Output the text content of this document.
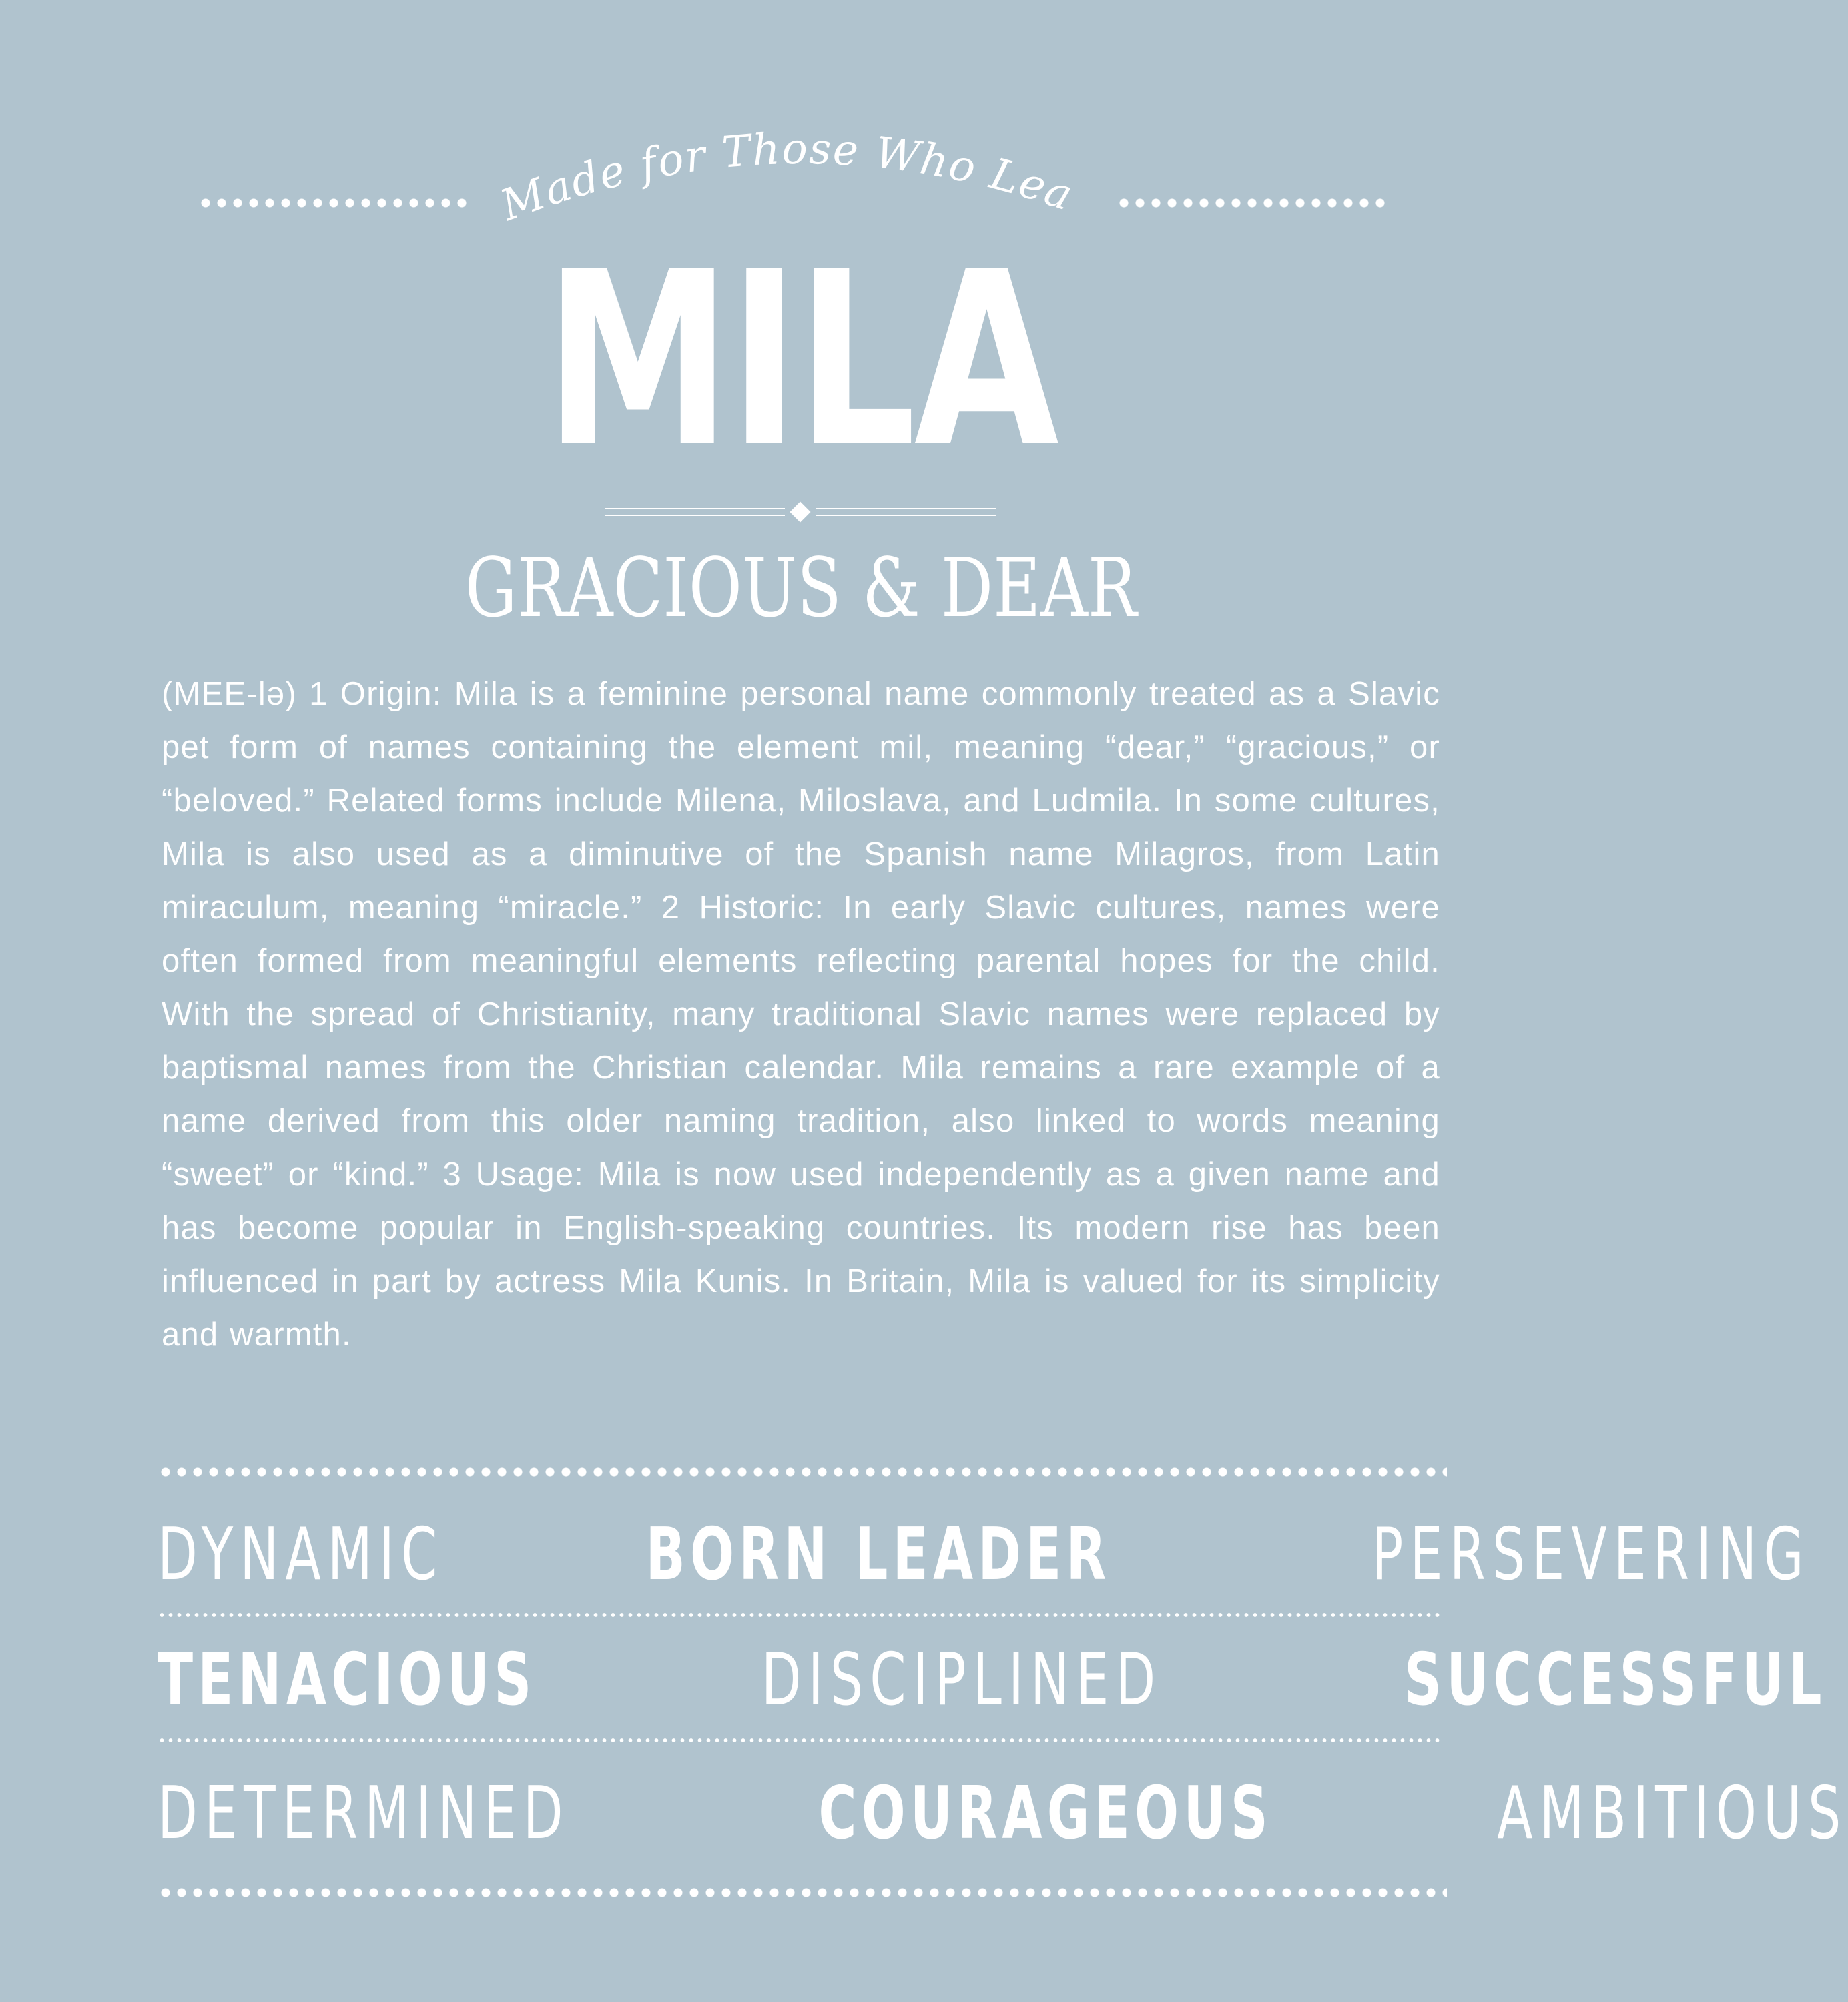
Made for Those Who Lead
MILA
GRACIOUS & DEAR
(MEE-lə) 1 Origin: Mila is a feminine personal name commonly treated as a Slavic pet form of names containing the element mil, meaning “dear,” “gracious,” or “beloved.” Related forms include Milena, Miloslava, and Ludmila. In some cultures, Mila is also used as a diminutive of the Spanish name Milagros, from Latin miraculum, meaning “miracle.” 2 Historic: In early Slavic cultures, names were often formed from meaningful elements reflecting parental hopes for the child. With the spread of Christianity, many traditional Slavic names were replaced by baptismal names from the Christian calendar. Mila remains a rare example of a name derived from this older naming tradition, also linked to words meaning “sweet” or “kind.” 3 Usage: Mila is now used independently as a given name and has become popular in English-speaking countries. Its modern rise has been influenced in part by actress Mila Kunis. In Britain, Mila is valued for its simplicity and warmth.
DYNAMIC	BORN LEADER	PERSEVERING
TENACIOUS	DISCIPLINED	SUCCESSFUL
DETERMINED	COURAGEOUS	AMBITIOUS
